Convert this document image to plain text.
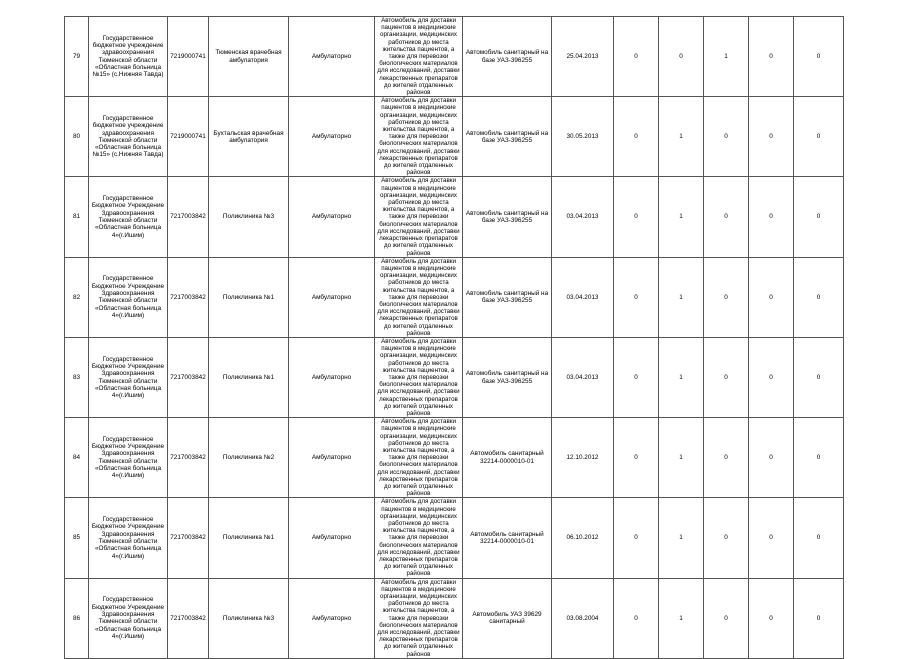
79	Государственное бюджетное учреждение здравоохранения Тюменской области «Областная больница №15» (с.Нижняя Тавда)	7219000741	Тюменская врачебная амбулатория	Амбулаторно	Автомобиль для доставки пациентов в медицинские организации, медицинских работников до места жительства пациентов, а также для перевозки биологических материалов для исследований, доставки лекарственных препаратов до жителей отдаленных районов	Автомобиль санитарный на базе УАЗ-396255	25.04.2013	0	0	1	0	0
80	Государственное бюджетное учреждение здравоохранения Тюменской области «Областная больница №15» (с.Нижняя Тавда)	7219000741	Бухтальская врачебная амбулатория	Амбулаторно	Автомобиль для доставки пациентов в медицинские организации, медицинских работников до места жительства пациентов, а также для перевозки биологических материалов для исследований, доставки лекарственных препаратов до жителей отдаленных районов	Автомобиль санитарный на базе УАЗ-396255	30.05.2013	0	1	0	0	0
81	Государственное Бюджетное Учреждение Здравоохранения Тюменской области «Областная больница 4»(г.Ишим)	7217003842	Поликлиника №3	Амбулаторно	Автомобиль для доставки пациентов в медицинские организации, медицинских работников до места жительства пациентов, а также для перевозки биологических материалов для исследований, доставки лекарственных препаратов до жителей отдаленных районов	Автомобиль санитарный на базе УАЗ-396255	03.04.2013	0	1	0	0	0
82	Государственное Бюджетное Учреждение Здравоохранения Тюменской области «Областная больница 4»(г.Ишим)	7217003842	Поликлиника №1	Амбулаторно	Автомобиль для доставки пациентов в медицинские организации, медицинских работников до места жительства пациентов, а также для перевозки биологических материалов для исследований, доставки лекарственных препаратов до жителей отдаленных районов	Автомобиль санитарный на базе УАЗ-396255	03.04.2013	0	1	0	0	0
83	Государственное Бюджетное Учреждение Здравоохранения Тюменской области «Областная больница 4»(г.Ишим)	7217003842	Поликлиника №1	Амбулаторно	Автомобиль для доставки пациентов в медицинские организации, медицинских работников до места жительства пациентов, а также для перевозки биологических материалов для исследований, доставки лекарственных препаратов до жителей отдаленных районов	Автомобиль санитарный на базе УАЗ-396255	03.04.2013	0	1	0	0	0
84	Государственное Бюджетное Учреждение Здравоохранения Тюменской области «Областная больница 4»(г.Ишим)	7217003842	Поликлиника №2	Амбулаторно	Автомобиль для доставки пациентов в медицинские организации, медицинских работников до места жительства пациентов, а также для перевозки биологических материалов для исследований, доставки лекарственных препаратов до жителей отдаленных районов	Автомобиль санитарный 32214-0000010-01	12.10.2012	0	1	0	0	0
85	Государственное Бюджетное Учреждение Здравоохранения Тюменской области «Областная больница 4»(г.Ишим)	7217003842	Поликлиника №1	Амбулаторно	Автомобиль для доставки пациентов в медицинские организации, медицинских работников до места жительства пациентов, а также для перевозки биологических материалов для исследований, доставки лекарственных препаратов до жителей отдаленных районов	Автомобиль санитарный 32214-0000010-01	06.10.2012	0	1	0	0	0
86	Государственное Бюджетное Учреждение Здравоохранения Тюменской области «Областная больница 4»(г.Ишим)	7217003842	Поликлиника №3	Амбулаторно	Автомобиль для доставки пациентов в медицинские организации, медицинских работников до места жительства пациентов, а также для перевозки биологических материалов для исследований, доставки лекарственных препаратов до жителей отдаленных районов	Автомобиль УАЗ 39629 санитарный	03.08.2004	0	1	0	0	0
